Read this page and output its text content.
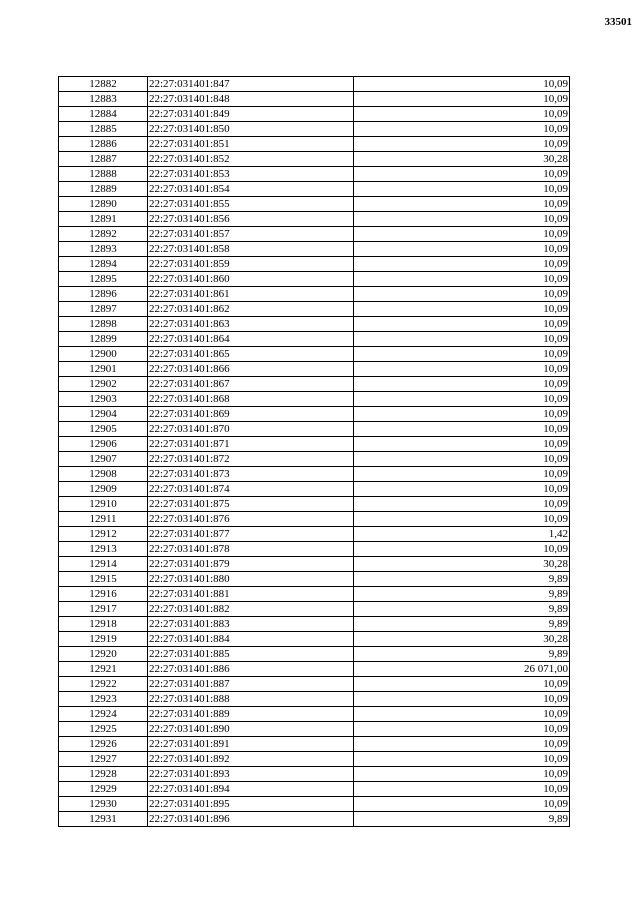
33501
12882	22:27:031401:847	10,09
12883	22:27:031401:848	10,09
12884	22:27:031401:849	10,09
12885	22:27:031401:850	10,09
12886	22:27:031401:851	10,09
12887	22:27:031401:852	30,28
12888	22:27:031401:853	10,09
12889	22:27:031401:854	10,09
12890	22:27:031401:855	10,09
12891	22:27:031401:856	10,09
12892	22:27:031401:857	10,09
12893	22:27:031401:858	10,09
12894	22:27:031401:859	10,09
12895	22:27:031401:860	10,09
12896	22:27:031401:861	10,09
12897	22:27:031401:862	10,09
12898	22:27:031401:863	10,09
12899	22:27:031401:864	10,09
12900	22:27:031401:865	10,09
12901	22:27:031401:866	10,09
12902	22:27:031401:867	10,09
12903	22:27:031401:868	10,09
12904	22:27:031401:869	10,09
12905	22:27:031401:870	10,09
12906	22:27:031401:871	10,09
12907	22:27:031401:872	10,09
12908	22:27:031401:873	10,09
12909	22:27:031401:874	10,09
12910	22:27:031401:875	10,09
12911	22:27:031401:876	10,09
12912	22:27:031401:877	1,42
12913	22:27:031401:878	10,09
12914	22:27:031401:879	30,28
12915	22:27:031401:880	9,89
12916	22:27:031401:881	9,89
12917	22:27:031401:882	9,89
12918	22:27:031401:883	9,89
12919	22:27:031401:884	30,28
12920	22:27:031401:885	9,89
12921	22:27:031401:886	26 071,00
12922	22:27:031401:887	10,09
12923	22:27:031401:888	10,09
12924	22:27:031401:889	10,09
12925	22:27:031401:890	10,09
12926	22:27:031401:891	10,09
12927	22:27:031401:892	10,09
12928	22:27:031401:893	10,09
12929	22:27:031401:894	10,09
12930	22:27:031401:895	10,09
12931	22:27:031401:896	9,89
